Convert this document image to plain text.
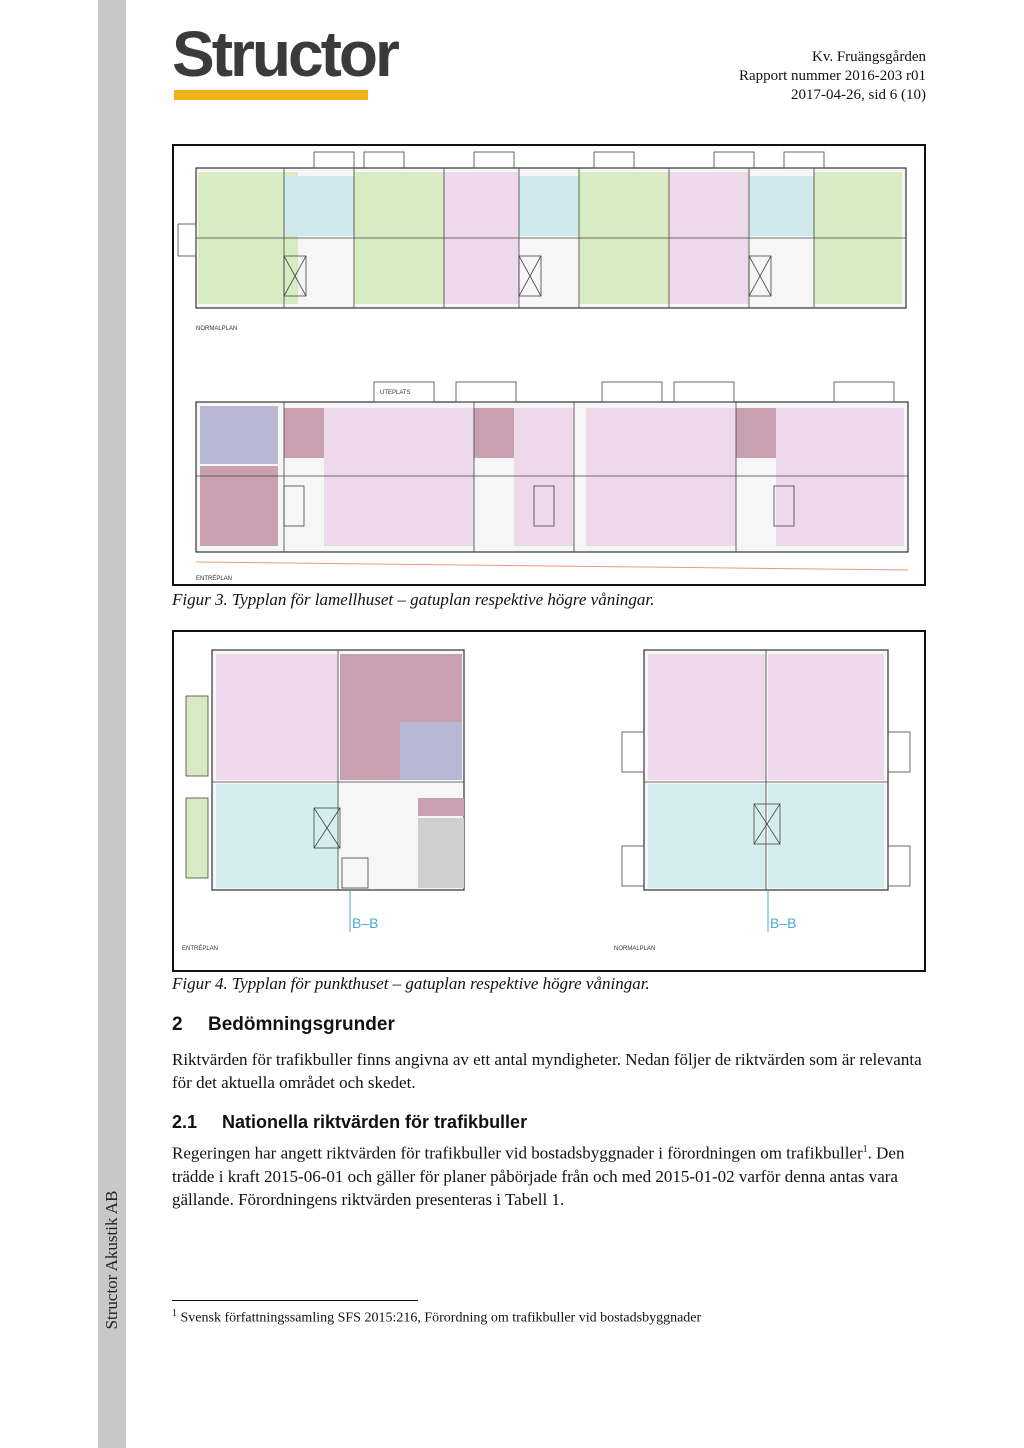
Structor Akustik AB
Structor	Kv. Fruängsgården
Rapport nummer 2016-203 r01
2017-04-26, sid 6 (10)
NORMALPLAN
UTEPLATS
ENTRÉPLAN
Figur 3. Typplan för lamellhuset – gatuplan respektive högre våningar.
ENTRÉPLAN
B–B	B–B
NORMALPLAN
Figur 4. Typplan för punkthuset – gatuplan respektive högre våningar.
2 Bedömningsgrunder
Riktvärden för trafikbuller finns angivna av ett antal myndigheter. Nedan följer de riktvärden som är relevanta för det aktuella området och skedet.
2.1 Nationella riktvärden för trafikbuller
Regeringen har angett riktvärden för trafikbuller vid bostadsbyggnader i förordningen om trafikbuller$^1$. Den trädde i kraft 2015-06-01 och gäller för planer påbörjade från och med 2015-01-02 varför denna antas vara gällande. Förordningens riktvärden presenteras i Tabell 1.
$^1$ Svensk författningssamling SFS 2015:216, Förordning om trafikbuller vid bostadsbyggnader
